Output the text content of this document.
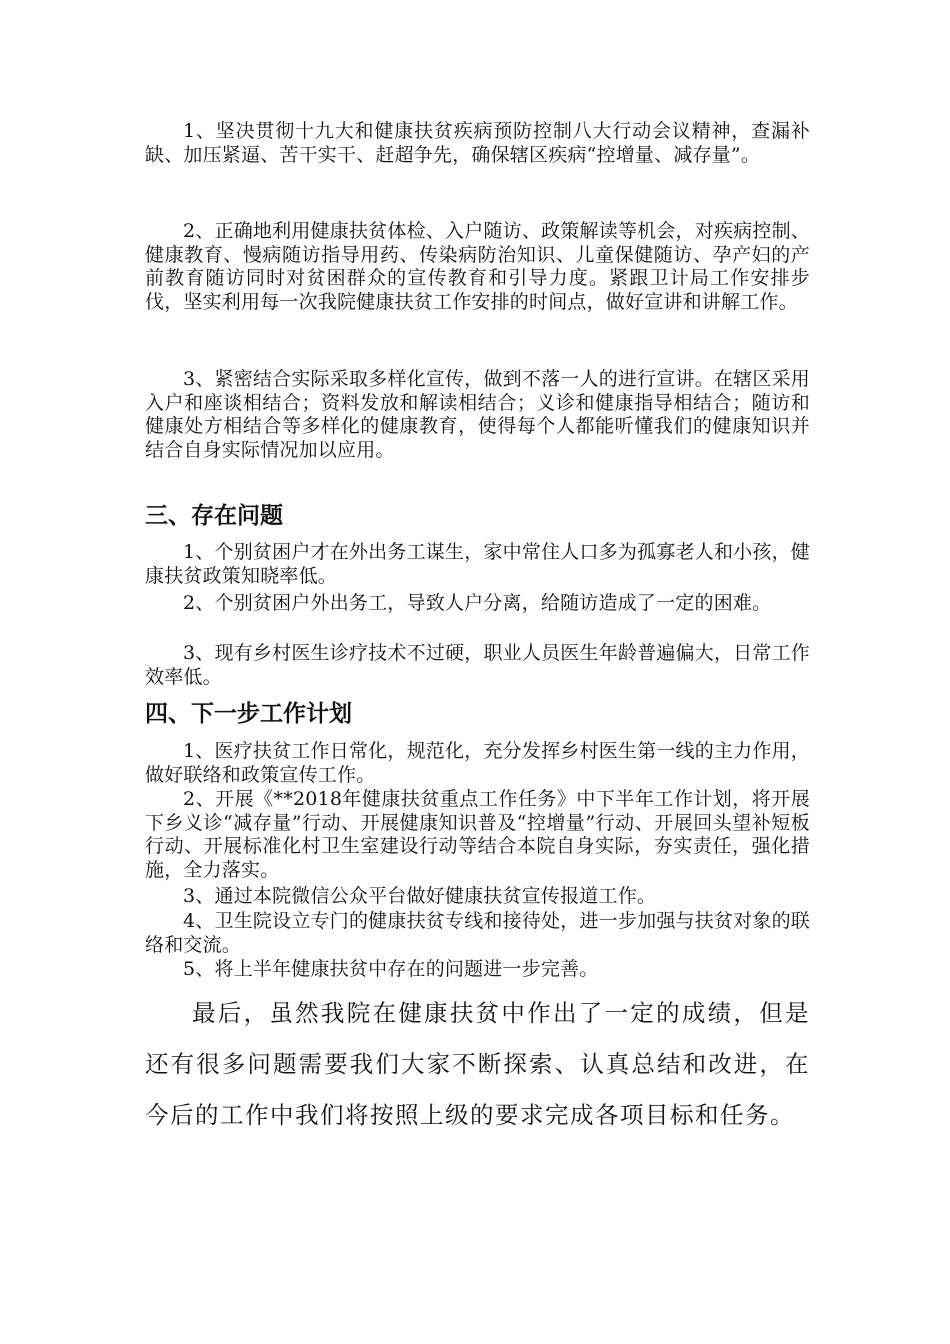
1、坚决贯彻十九大和健康扶贫疾病预防控制八大行动会议精神，查漏补缺、加压紧逼、苦干实干、赶超争先，确保辖区疾病“控增量、减存量”。

2、正确地利用健康扶贫体检、入户随访、政策解读等机会，对疾病控制、健康教育、慢病随访指导用药、传染病防治知识、儿童保健随访、孕产妇的产前教育随访同时对贫困群众的宣传教育和引导力度。紧跟卫计局工作安排步伐，坚实利用每一次我院健康扶贫工作安排的时间点，做好宣讲和讲解工作。

3、紧密结合实际采取多样化宣传，做到不落一人的进行宣讲。在辖区采用入户和座谈相结合；资料发放和解读相结合；义诊和健康指导相结合；随访和健康处方相结合等多样化的健康教育，使得每个人都能听懂我们的健康知识并结合自身实际情况加以应用。

三、存在问题

1、个别贫困户才在外出务工谋生，家中常住人口多为孤寡老人和小孩，健康扶贫政策知晓率低。

2、个别贫困户外出务工，导致人户分离，给随访造成了一定的困难。

3、现有乡村医生诊疗技术不过硬，职业人员医生年龄普遍偏大，日常工作效率低。

四、下一步工作计划

1、医疗扶贫工作日常化，规范化，充分发挥乡村医生第一线的主力作用，做好联络和政策宣传工作。

2、开展《**2018年健康扶贫重点工作任务》中下半年工作计划，将开展下乡义诊“减存量”行动、开展健康知识普及“控增量”行动、开展回头望补短板行动、开展标准化村卫生室建设行动等结合本院自身实际，夯实责任，强化措施，全力落实。

3、通过本院微信公众平台做好健康扶贫宣传报道工作。

4、卫生院设立专门的健康扶贫专线和接待处，进一步加强与扶贫对象的联络和交流。

5、将上半年健康扶贫中存在的问题进一步完善。

最后，虽然我院在健康扶贫中作出了一定的成绩，但是还有很多问题需要我们大家不断探索、认真总结和改进，在今后的工作中我们将按照上级的要求完成各项目标和任务。
